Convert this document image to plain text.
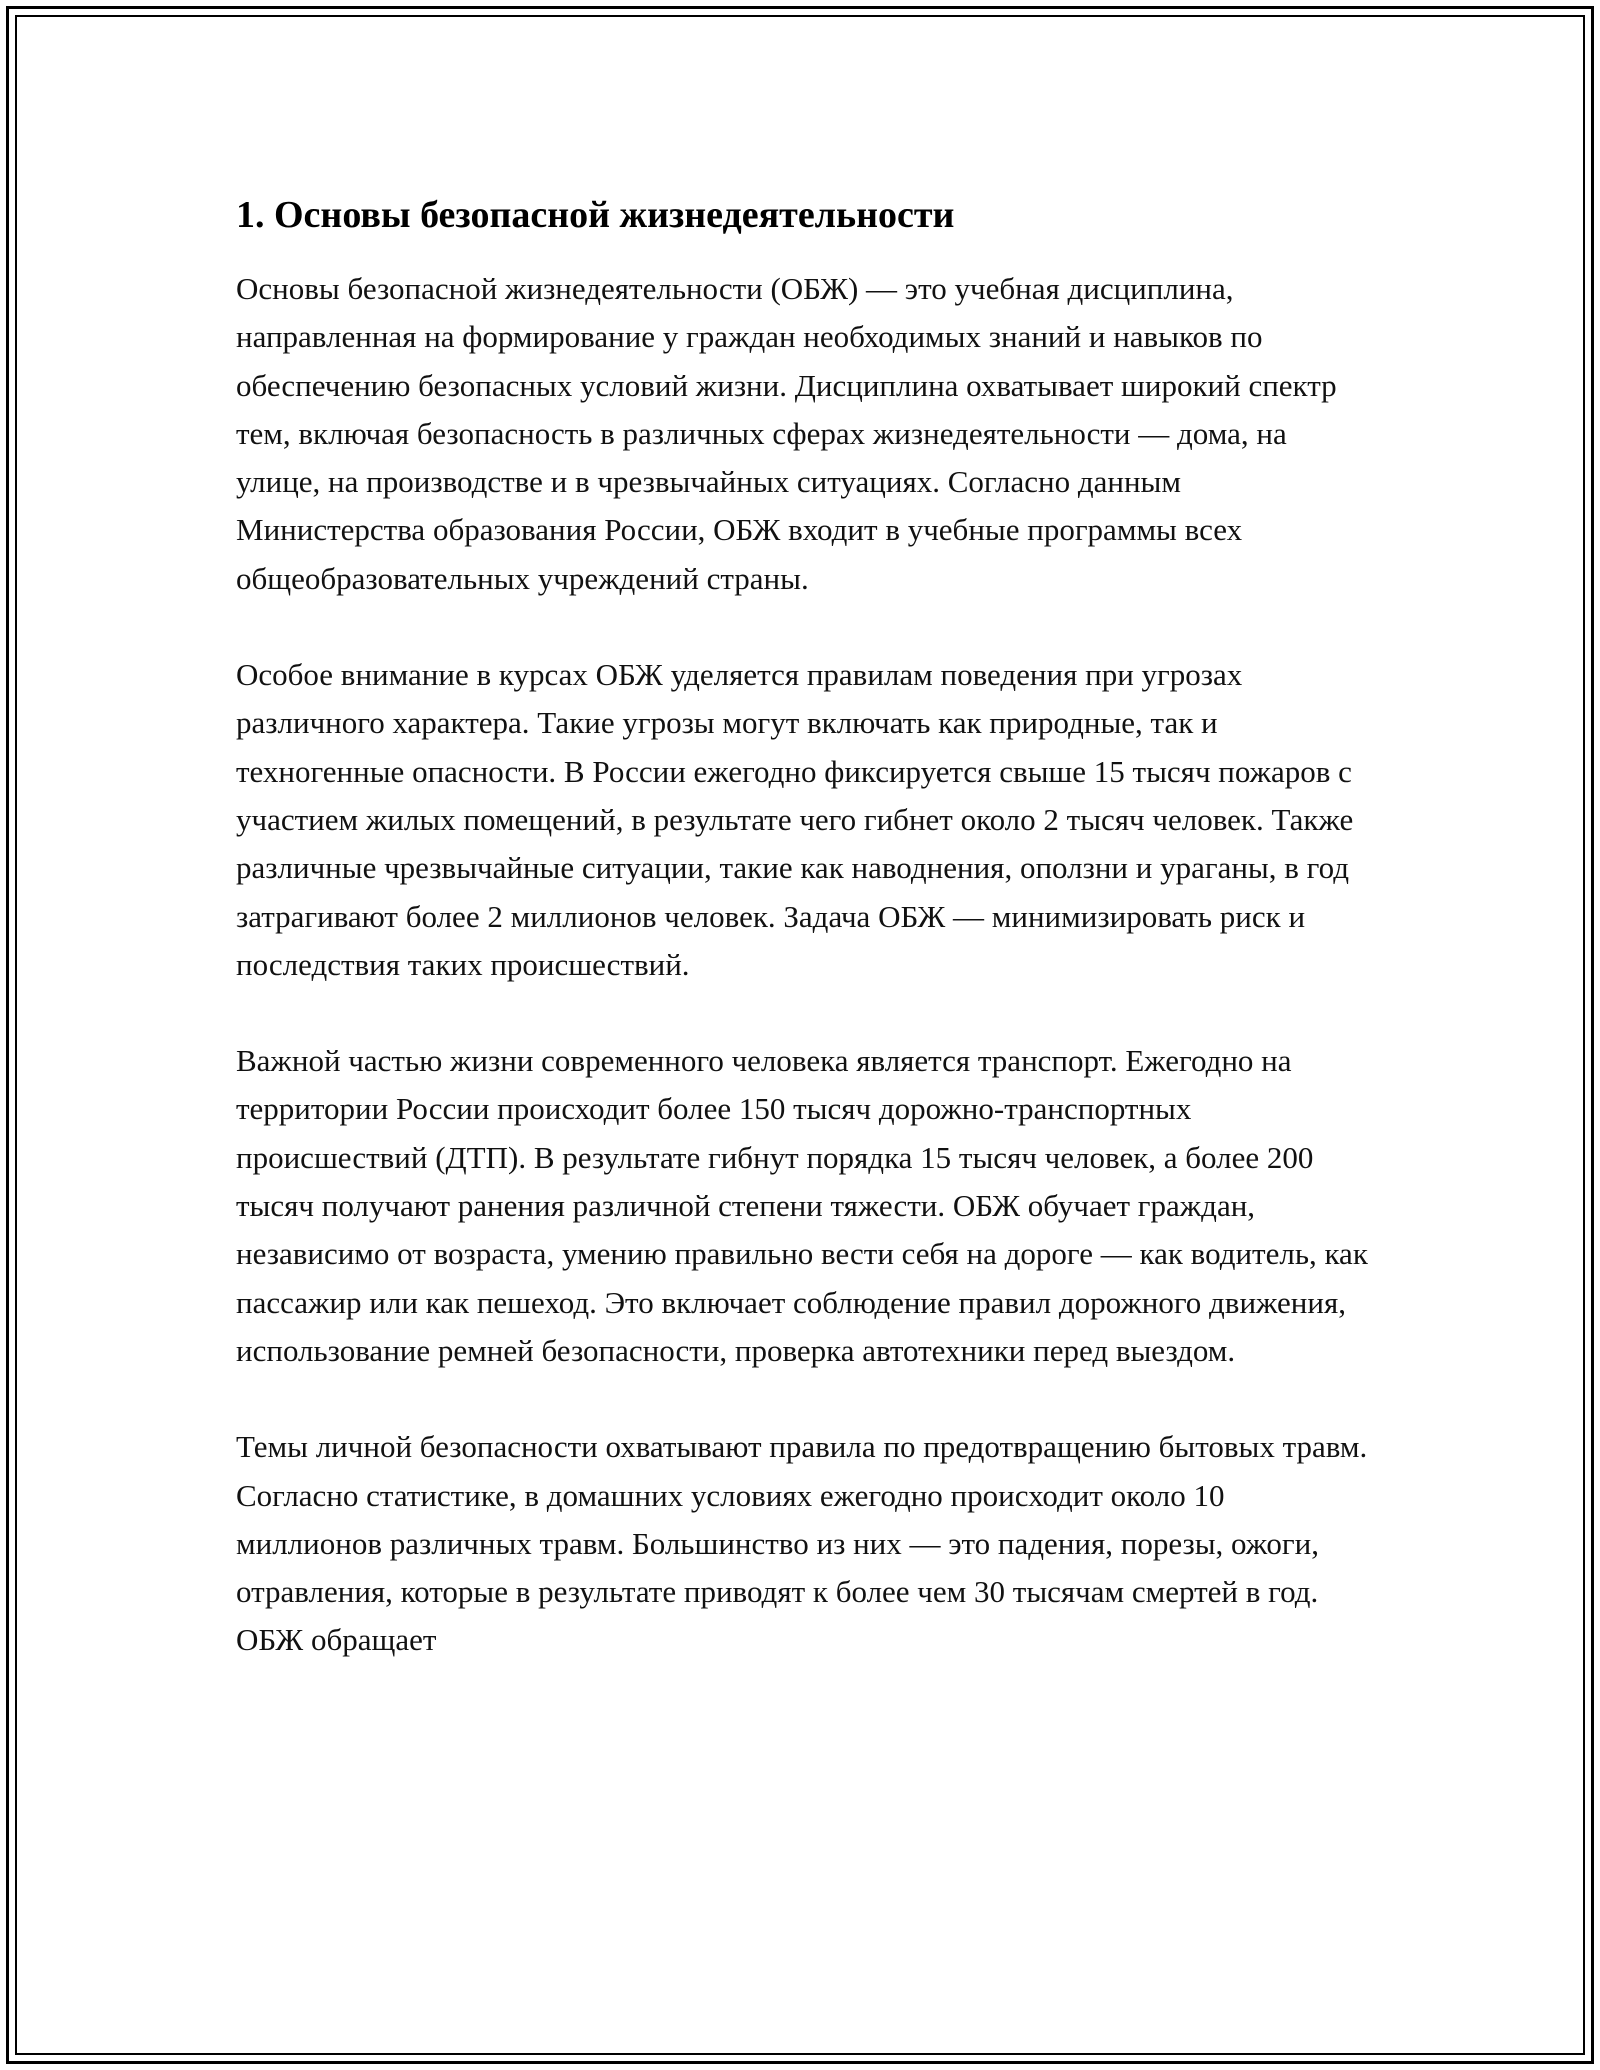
1. Основы безопасной жизнедеятельности

Основы безопасной жизнедеятельности (ОБЖ) — это учебная дисциплина, направленная на формирование у граждан необходимых знаний и навыков по обеспечению безопасных условий жизни. Дисциплина охватывает широкий спектр тем, включая безопасность в различных сферах жизнедеятельности — дома, на улице, на производстве и в чрезвычайных ситуациях. Согласно данным Министерства образования России, ОБЖ входит в учебные программы всех общеобразовательных учреждений страны.

Особое внимание в курсах ОБЖ уделяется правилам поведения при угрозах различного характера. Такие угрозы могут включать как природные, так и техногенные опасности. В России ежегодно фиксируется свыше 15 тысяч пожаров с участием жилых помещений, в результате чего гибнет около 2 тысяч человек. Также различные чрезвычайные ситуации, такие как наводнения, оползни и ураганы, в год затрагивают более 2 миллионов человек. Задача ОБЖ — минимизировать риск и последствия таких происшествий.

Важной частью жизни современного человека является транспорт. Ежегодно на территории России происходит более 150 тысяч дорожно-транспортных происшествий (ДТП). В результате гибнут порядка 15 тысяч человек, а более 200 тысяч получают ранения различной степени тяжести. ОБЖ обучает граждан, независимо от возраста, умению правильно вести себя на дороге — как водитель, как пассажир или как пешеход. Это включает соблюдение правил дорожного движения, использование ремней безопасности, проверка автотехники перед выездом.

Темы личной безопасности охватывают правила по предотвращению бытовых травм. Согласно статистике, в домашних условиях ежегодно происходит около 10 миллионов различных травм. Большинство из них — это падения, порезы, ожоги, отравления, которые в результате приводят к более чем 30 тысячам смертей в год. ОБЖ обращает
